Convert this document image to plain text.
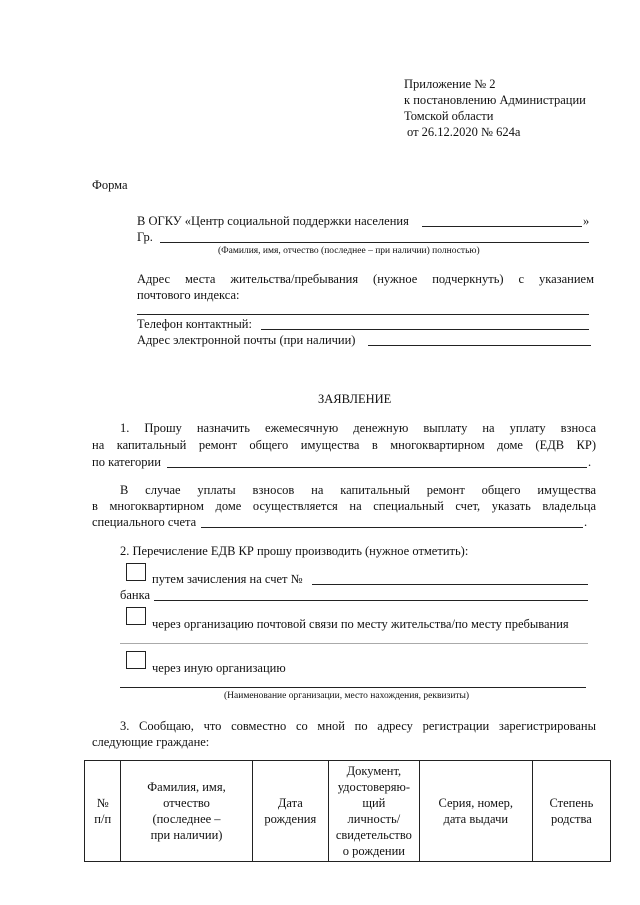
Приложение № 2
к постановлению Администрации
Томской области
от 26.12.2020 № 624а
Форма
В ОГКУ «Центр социальной поддержки населения	»
Гр.
(Фамилия, имя, отчество (последнее – при наличии) полностью)
Адрес места жительства/пребывания (нужное подчеркнуть) с указанием
почтового индекса:
Телефон контактный:
Адрес электронной почты (при наличии)
ЗАЯВЛЕНИЕ
1. Прошу назначить ежемесячную денежную выплату на уплату взноса
на капитальный ремонт общего имущества в многоквартирном доме (ЕДВ КР)
по категории	.
В случае уплаты взносов на капитальный ремонт общего имущества
в многоквартирном доме осуществляется на специальный счет, указать владельца
специального счета	.
2. Перечисление ЕДВ КР прошу производить (нужное отметить):
путем зачисления на счет №
банка
через организацию почтовой связи по месту жительства/по месту пребывания
через иную организацию
(Наименование организации, место нахождения, реквизиты)
3. Сообщаю, что совместно со мной по адресу регистрации зарегистрированы
следующие граждане:
№
п/п

Фамилия, имя,
отчество
(последнее –
при наличии)

Дата
рождения

Документ,
удостоверяю-
щий
личность/
свидетельство
о рождении

Серия, номер,
дата выдачи

Степень
родства
